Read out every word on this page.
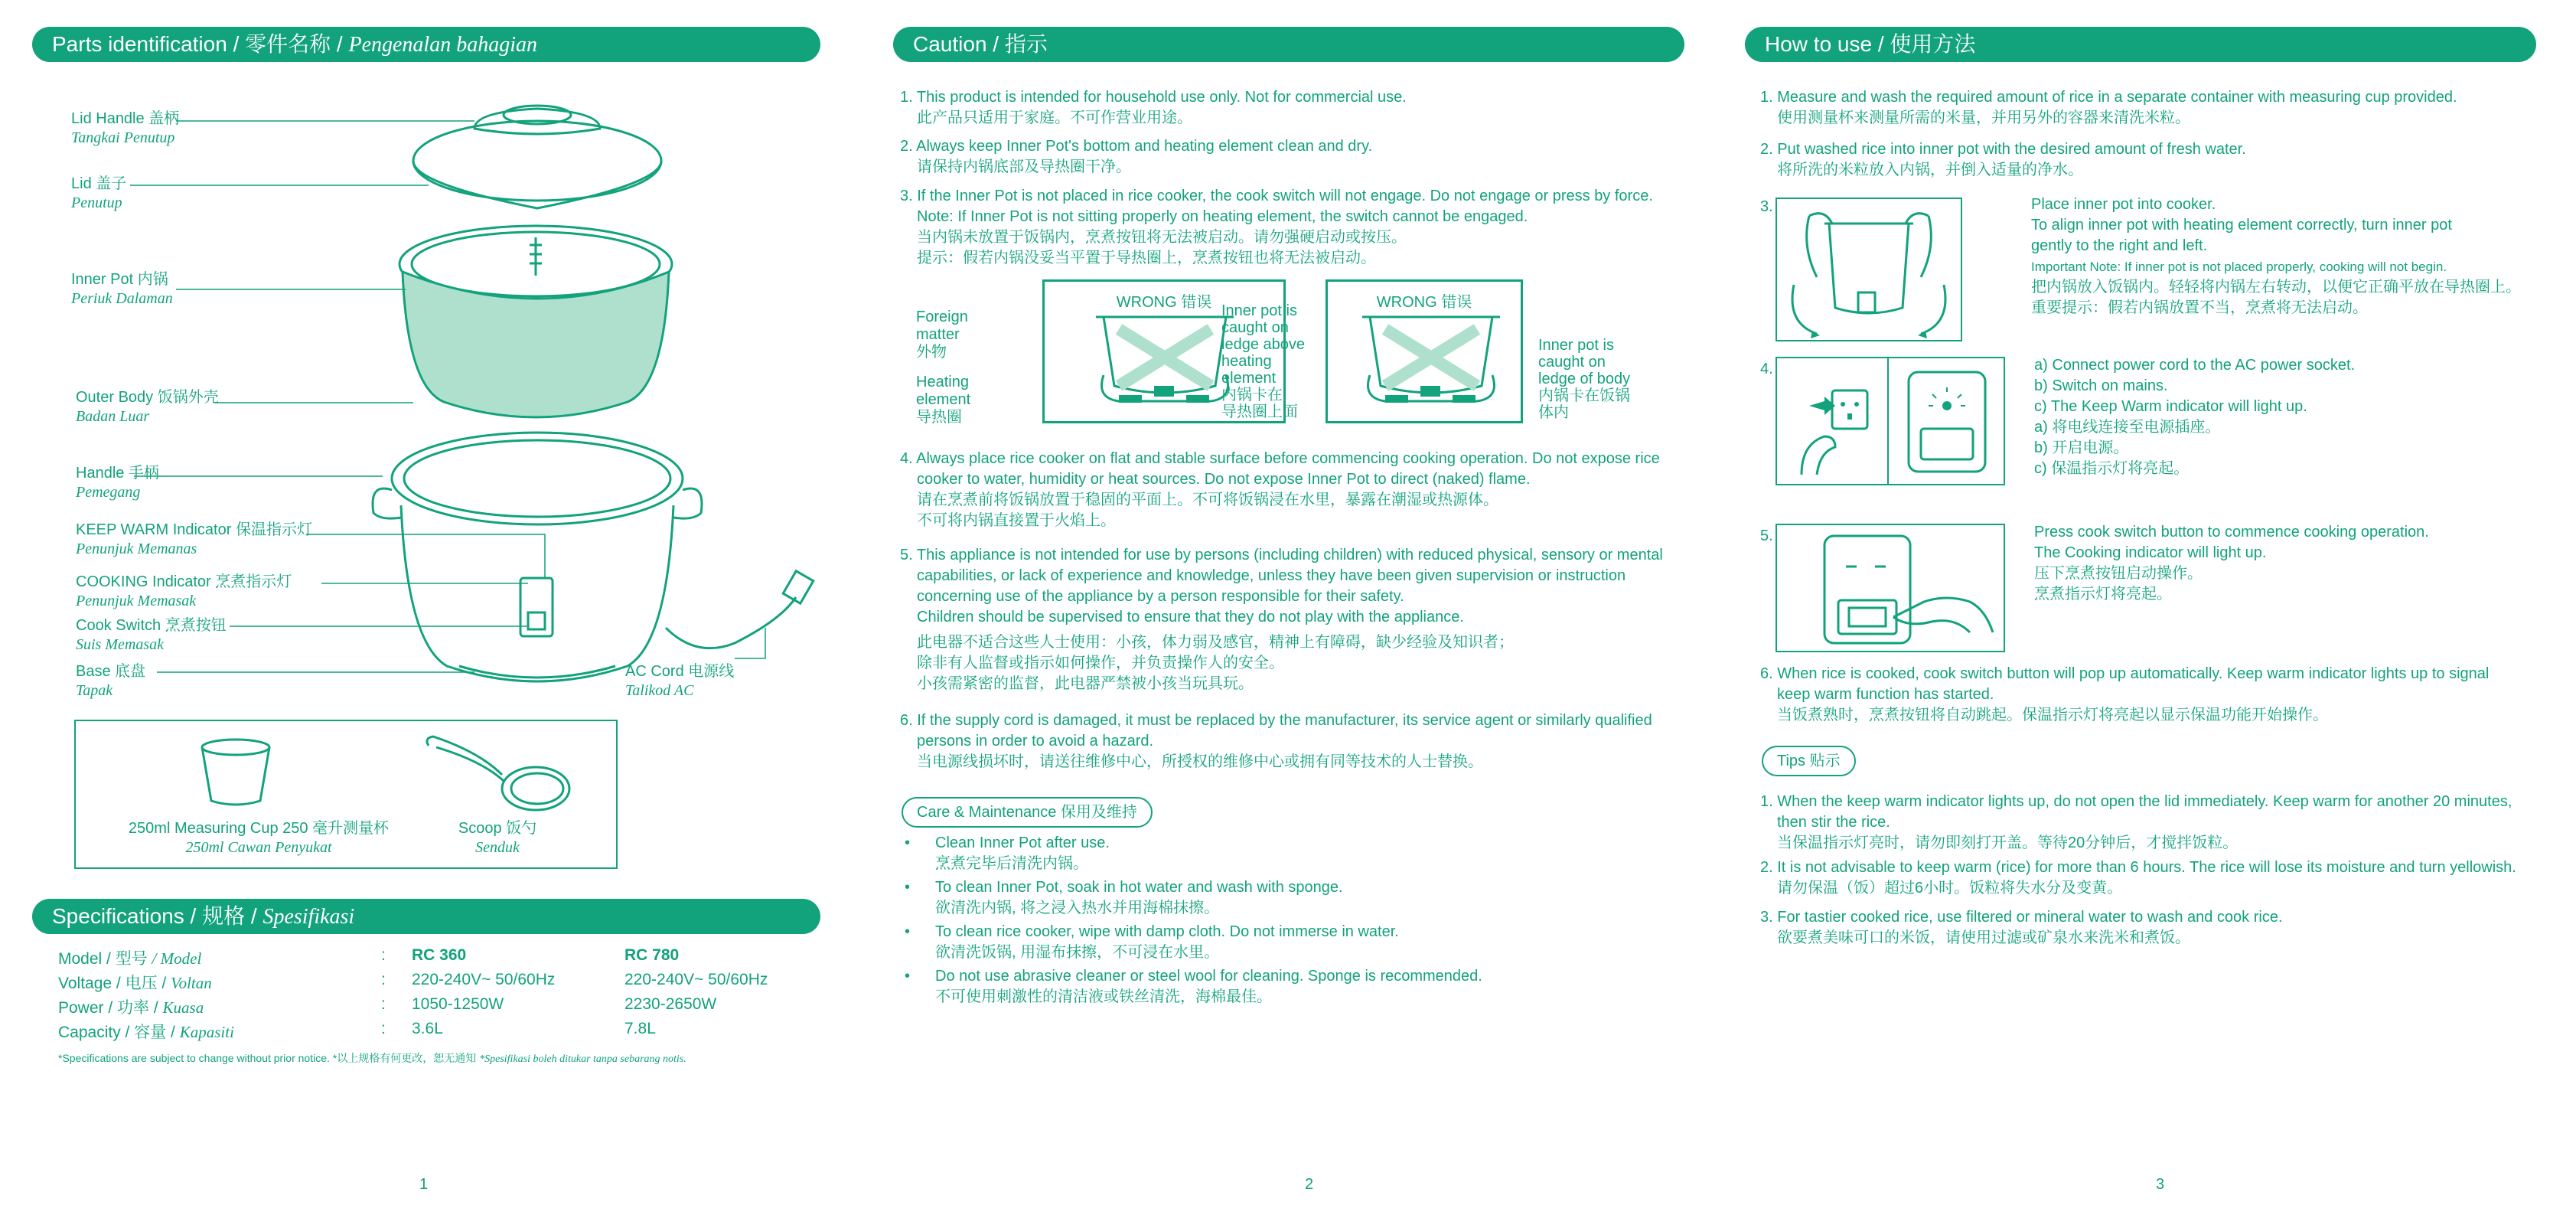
Parts identification / 零件名称 / Pengenalan bahagian
Lid Handle 盖柄
Tangkai Penutup
Lid 盖子
Penutup
Inner Pot 内锅
Periuk Dalaman
Outer Body 饭锅外壳
Badan Luar
Handle 手柄
Pemegang
KEEP WARM Indicator 保温指示灯
Penunjuk Memanas
COOKING Indicator 烹煮指示灯
Penunjuk Memasak
Cook Switch 烹煮按钮
Suis Memasak
Base 底盘
Tapak
AC Cord 电源线
Talikod AC
250ml Measuring Cup 250 毫升测量杯
250ml Cawan Penyukat
Scoop 饭勺
Senduk
Specifications / 规格 / Spesifikasi
Model / 型号 / Model	: RC 360	RC 780
Voltage / 电压 / Voltan	: 220-240V~ 50/60Hz	220-240V~ 50/60Hz
Power / 功率 / Kuasa	: 1050-1250W	2230-2650W
Capacity / 容量 / Kapasiti	: 3.6L	7.8L
*Specifications are subject to change without prior notice. *以上规格有何更改，恕无通知 *Spesifikasi boleh ditukar tanpa sebarang notis.
1
Caution / 指示

1. This product is intended for household use only. Not for commercial use.

此产品只适用于家庭。不可作营业用途。

2. Always keep Inner Pot's bottom and heating element clean and dry.

请保持内锅底部及导热圈干净。

3. If the Inner Pot is not placed in rice cooker, the cook switch will not engage. Do not engage or press by force.

Note: If Inner Pot is not sitting properly on heating element, the switch cannot be engaged.

当内锅未放置于饭锅内，烹煮按钮将无法被启动。请勿强硬启动或按压。

提示：假若内锅没妥当平置于导热圈上，烹煮按钮也将无法被启动。

WRONG 错误
Foreign
matter
外物
Heating
element
导热圈
WRONG 错误
Inner pot is
caught on
ledge above
heating
element
内锅卡在
导热圈上面
Inner pot is
caught on
ledge of body
内锅卡在饭锅
体内

4. Always place rice cooker on flat and stable surface before commencing cooking operation. Do not expose rice

cooker to water, humidity or heat sources. Do not expose Inner Pot to direct (naked) flame.

请在烹煮前将饭锅放置于稳固的平面上。不可将饭锅浸在水里，暴露在潮湿或热源体。

不可将内锅直接置于火焰上。

5. This appliance is not intended for use by persons (including children) with reduced physical, sensory or mental

capabilities, or lack of experience and knowledge, unless they have been given supervision or instruction

concerning use of the appliance by a person responsible for their safety.

Children should be supervised to ensure that they do not play with the appliance.

此电器不适合这些人士使用：小孩，体力弱及感官，精神上有障碍，缺少经验及知识者；

除非有人监督或指示如何操作，并负责操作人的安全。

小孩需紧密的监督，此电器严禁被小孩当玩具玩。

6. If the supply cord is damaged, it must be replaced by the manufacturer, its service agent or similarly qualified

persons in order to avoid a hazard.

当电源线损坏时，请送往维修中心，所授权的维修中心或拥有同等技术的人士替换。

Care & Maintenance 保用及维持

• Clean Inner Pot after use.

烹煮完毕后清洗内锅。

• To clean Inner Pot, soak in hot water and wash with sponge.

欲清洗内锅, 将之浸入热水并用海棉抹擦。

• To clean rice cooker, wipe with damp cloth. Do not immerse in water.

欲清洗饭锅, 用湿布抹擦，不可浸在水里。

• Do not use abrasive cleaner or steel wool for cleaning. Sponge is recommended.

不可使用刺激性的清洁液或铁丝清洗，海棉最佳。

2
How to use / 使用方法

1. Measure and wash the required amount of rice in a separate container with measuring cup provided.

使用测量杯来测量所需的米量，并用另外的容器来清洗米粒。

2. Put washed rice into inner pot with the desired amount of fresh water.

将所洗的米粒放入内锅，并倒入适量的净水。

3.	Place inner pot into cooker.

To align inner pot with heating element correctly, turn inner pot

gently to the right and left.

Important Note: If inner pot is not placed properly, cooking will not begin.

把内锅放入饭锅内。轻轻将内锅左右转动，以便它正确平放在导热圈上。

重要提示：假若内锅放置不当，烹煮将无法启动。

4.	a) Connect power cord to the AC power socket.

b) Switch on mains.

c) The Keep Warm indicator will light up.

a) 将电线连接至电源插座。

b) 开启电源。

c) 保温指示灯将亮起。

5.	Press cook switch button to commence cooking operation.

The Cooking indicator will light up.

压下烹煮按钮启动操作。

烹煮指示灯将亮起。

6. When rice is cooked, cook switch button will pop up automatically. Keep warm indicator lights up to signal

keep warm function has started.

当饭煮熟时，烹煮按钮将自动跳起。保温指示灯将亮起以显示保温功能开始操作。

Tips 贴示

1. When the keep warm indicator lights up, do not open the lid immediately. Keep warm for another 20 minutes,

then stir the rice.

当保温指示灯亮时，请勿即刻打开盖。等待20分钟后，才搅拌饭粒。

2. It is not advisable to keep warm (rice) for more than 6 hours. The rice will lose its moisture and turn yellowish.

请勿保温（饭）超过6小时。饭粒将失水分及变黄。

3. For tastier cooked rice, use filtered or mineral water to wash and cook rice.

欲要煮美味可口的米饭，请使用过滤或矿泉水来洗米和煮饭。

3
